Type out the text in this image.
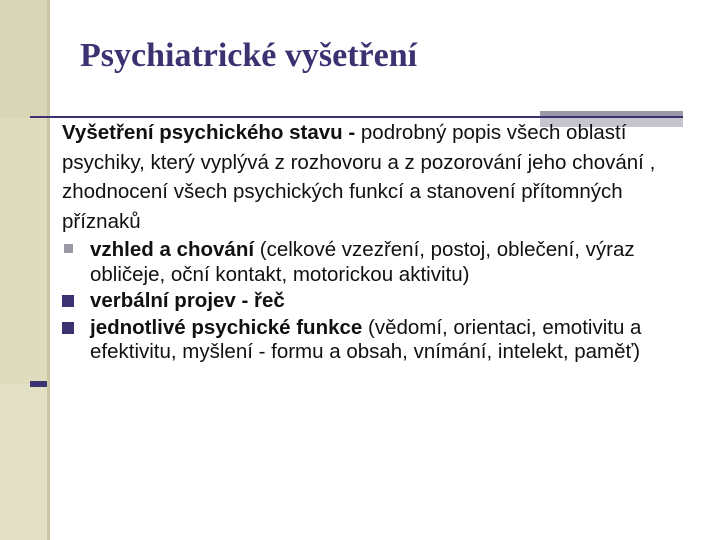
Psychiatrické vyšetření
Vyšetření psychického stavu - podrobný popis všech oblastí psychiky, který vyplývá z rozhovoru a z pozorování jeho chování , zhodnocení všech psychických funkcí a stanovení přítomných příznaků
vzhled a chování (celkové vzezření, postoj, oblečení, výraz obličeje, oční kontakt, motorickou aktivitu)
verbální projev - řeč
jednotlivé psychické funkce (vědomí, orientaci, emotivitu a efektivitu, myšlení - formu a obsah, vnímání, intelekt, paměť)
